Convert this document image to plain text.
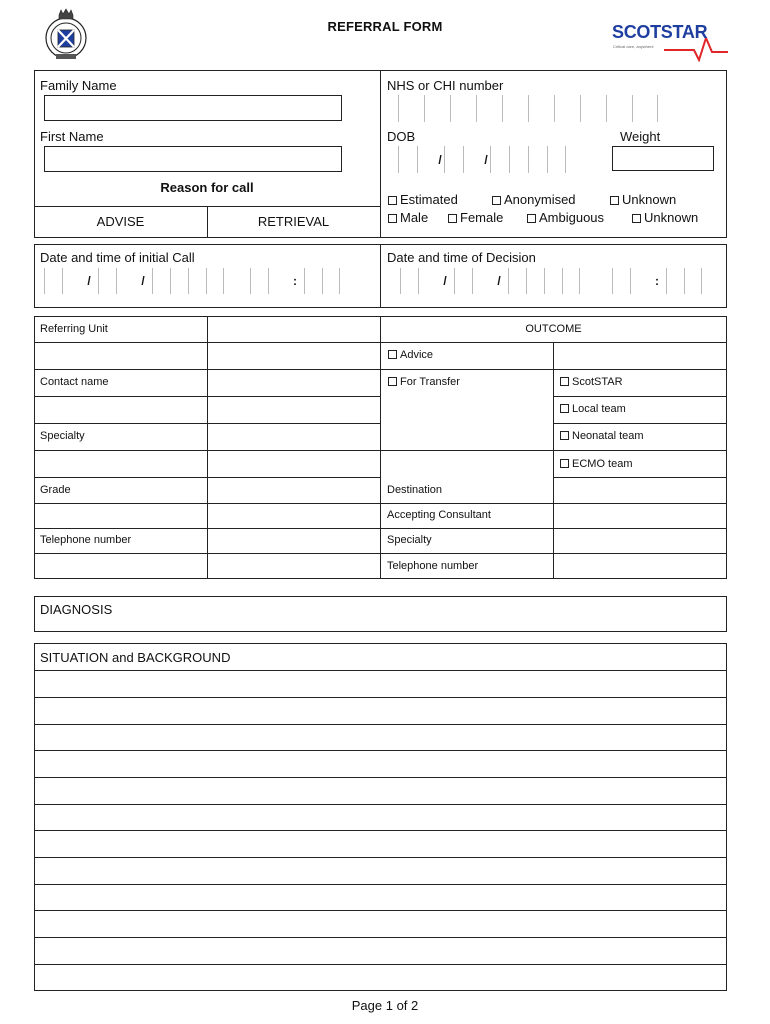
REFERRAL FORM	SCOTSTAR
Critical care, anywhere
Family Name
First Name
Reason for call
ADVISE	RETRIEVAL
NHS or CHI number
DOB
/	/
Weight
Estimated	Anonymised	Unknown
Male	Female	Ambiguous	Unknown
Date and time of initial Call
/	/	:
Date and time of Decision
/	/	:
Referring Unit
Contact name
Specialty
Grade
Telephone number
OUTCOME
Advice
For Transfer	ScotSTAR
Local team
Neonatal team
ECMO team
Destination
Accepting Consultant
Specialty
Telephone number
DIAGNOSIS
SITUATION and BACKGROUND
Page 1 of 2
